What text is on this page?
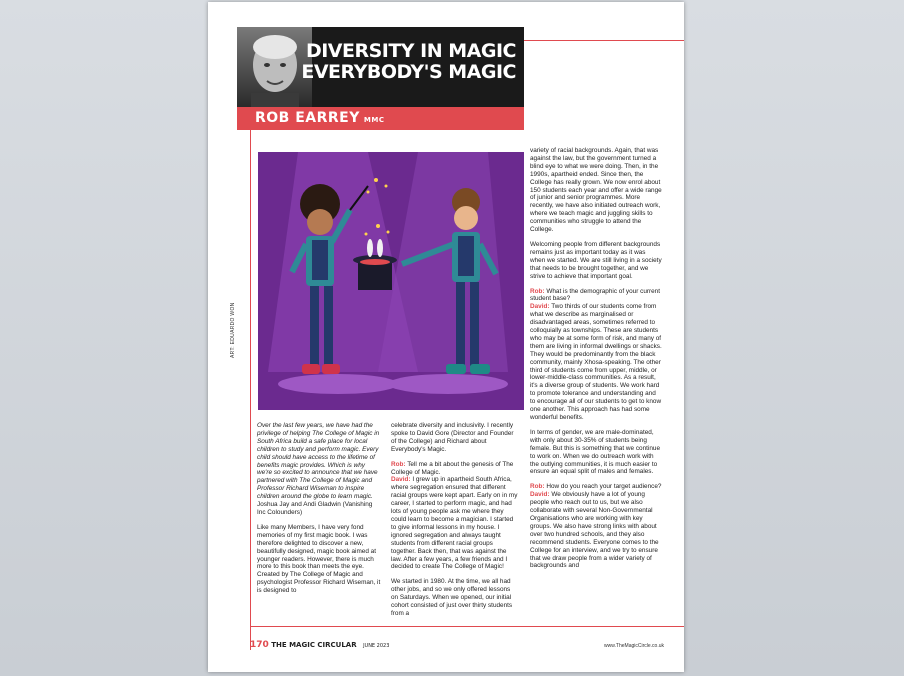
DIVERSITY IN MAGIC
EVERYBODY'S MAGIC
ROB EARREY MMC
ART: EDUARDO WON

Over the last few years, we have had the privilege of helping The College of Magic in South Africa build a safe place for local children to study and perform magic. Every child should have access to the lifetime of benefits magic provides. Which is why we're so excited to announce that we have partnered with The College of Magic and Professor Richard Wiseman to inspire children around the globe to learn magic.

Joshua Jay and Andi Gladwin (Vanishing Inc Colounders)

Like many Members, I have very fond memories of my first magic book. I was therefore delighted to discover a new, beautifully designed, magic book aimed at younger readers. However, there is much more to this book than meets the eye. Created by The College of Magic and psychologist Professor Richard Wiseman, it is designed to

celebrate diversity and inclusivity. I recently spoke to David Gore (Director and Founder of the College) and Richard about Everybody's Magic.

Rob: Tell me a bit about the genesis of The College of Magic.

David: I grew up in apartheid South Africa, where segregation ensured that different racial groups were kept apart. Early on in my career, I started to perform magic, and had lots of young people ask me where they could learn to become a magician. I started to give informal lessons in my house. I ignored segregation and always taught students from different racial groups together. Back then, that was against the law. After a few years, a few friends and I decided to create The College of Magic!

We started in 1980. At the time, we all had other jobs, and so we only offered lessons on Saturdays. When we opened, our initial cohort consisted of just over thirty students from a

variety of racial backgrounds. Again, that was against the law, but the government turned a blind eye to what we were doing. Then, in the 1990s, apartheid ended. Since then, the College has really grown. We now enrol about 150 students each year and offer a wide range of junior and senior programmes. More recently, we have also initiated outreach work, where we teach magic and juggling skills to communities who struggle to attend the College.

Welcoming people from different backgrounds remains just as important today as it was when we started. We are still living in a society that needs to be brought together, and we strive to achieve that important goal.

Rob: What is the demographic of your current student base?

David: Two thirds of our students come from what we describe as marginalised or disadvantaged areas, sometimes referred to colloquially as townships. These are students who may be at some form of risk, and many of them are living in informal dwellings or shacks. They would be predominantly from the black community, mainly Xhosa-speaking. The other third of students come from upper, middle, or lower-middle-class communities. As a result, it's a diverse group of students. We work hard to promote tolerance and understanding and to encourage all of our students to get to know one another. This approach has had some wonderful benefits.

In terms of gender, we are male-dominated, with only about 30-35% of students being female. But this is something that we continue to work on. When we do outreach work with the outlying communities, it is much easier to ensure an equal split of males and females.

Rob: How do you reach your target audience?

David: We obviously have a lot of young people who reach out to us, but we also collaborate with several Non-Governmental Organisations who are working with key groups. We also have strong links with about over two hundred schools, and they also recommend students. Everyone comes to the College for an interview, and we try to ensure that we draw people from a wider variety of backgrounds and

170 THE MAGIC CIRCULAR JUNE 2023	www.TheMagicCircle.co.uk
